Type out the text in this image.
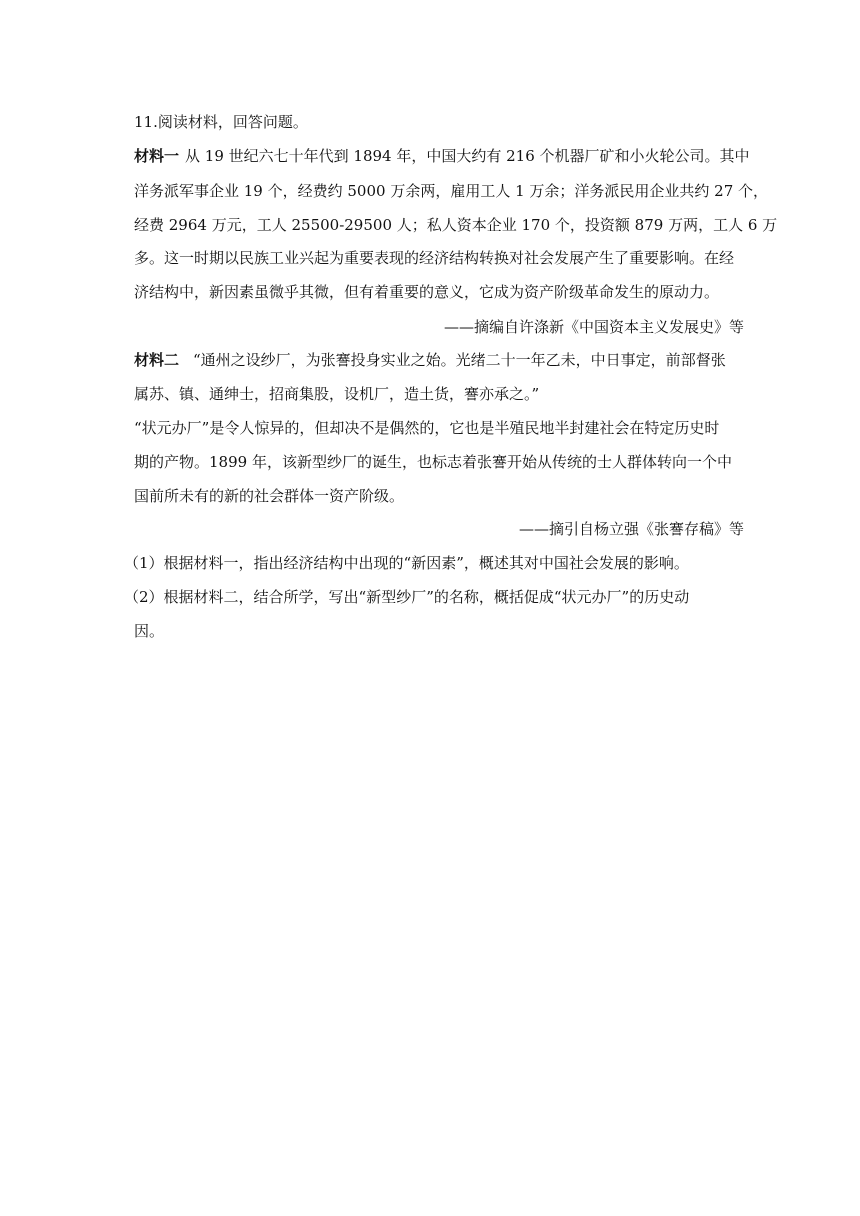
11.阅读材料，回答问题。
材料一 从 19 世纪六七十年代到 1894 年，中国大约有 216 个机器厂矿和小火轮公司。其中
洋务派军事企业 19 个，经费约 5000 万余两，雇用工人 1 万余；洋务派民用企业共约 27 个，
经费 2964 万元，工人 25500-29500 人；私人资本企业 170 个，投资额 879 万两，工人 6 万
多。这一时期以民族工业兴起为重要表现的经济结构转换对社会发展产生了重要影响。在经
济结构中，新因素虽微乎其微，但有着重要的意义，它成为资产阶级革命发生的原动力。
——摘编自许涤新《中国资本主义发展史》等
材料二 “通州之设纱厂，为张謇投身实业之始。光绪二十一年乙未，中日事定，前部督张
属苏、镇、通绅士，招商集股，设机厂，造土货，謇亦承之。”
“状元办厂”是令人惊异的，但却决不是偶然的，它也是半殖民地半封建社会在特定历史时
期的产物。1899 年，该新型纱厂的诞生，也标志着张謇开始从传统的士人群体转向一个中
国前所未有的新的社会群体一资产阶级。
——摘引自杨立强《张謇存稿》等
（1）根据材料一，指出经济结构中出现的“新因素”，概述其对中国社会发展的影响。
（2）根据材料二，结合所学，写出“新型纱厂”的名称，概括促成“状元办厂”的历史动
因。
